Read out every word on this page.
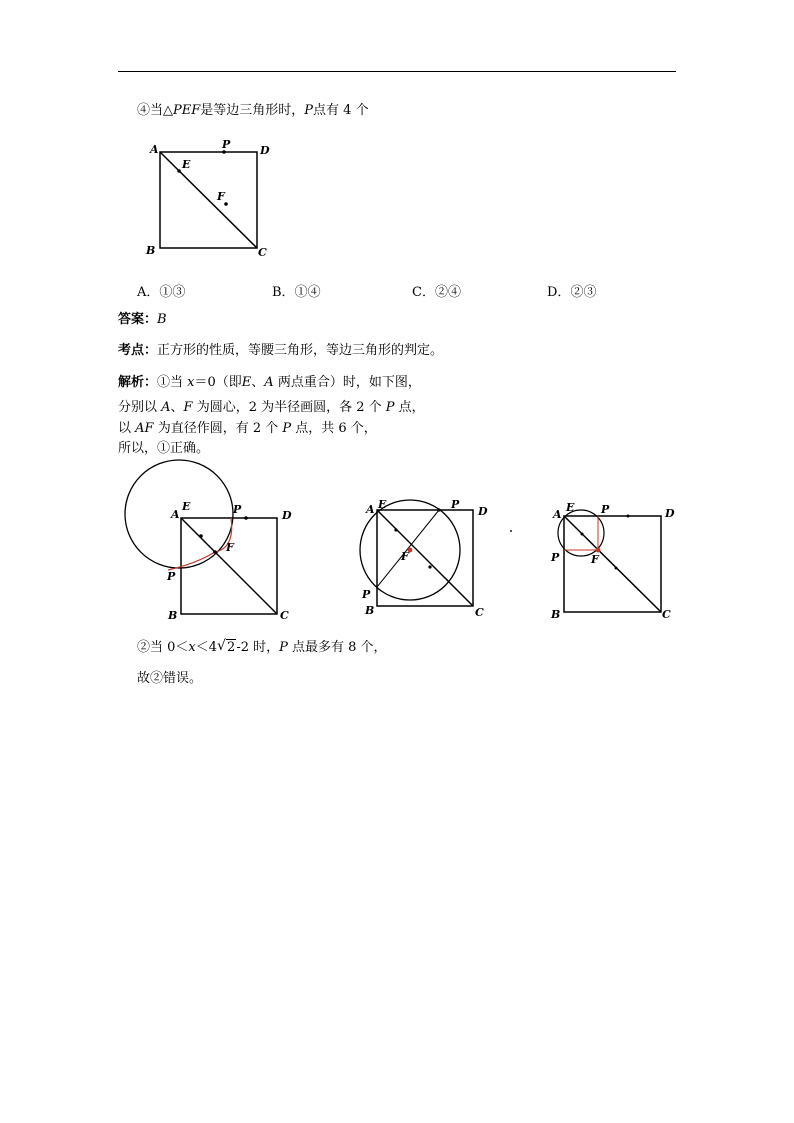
④当△PEF是等边三角形时，P点有 4 个
A	P	D
E
F
B	C
A．①③	B．①④	C．②④	D．②③
答案：B
考点：正方形的性质，等腰三角形，等边三角形的判定。
解析：①当 x＝0（即E、A 两点重合）时，如下图，
分别以 A、F 为圆心，2 为半径画圆，各 2 个 P 点，
以 AF 为直径作圆，有 2 个 P 点，共 6 个，
所以，①正确。
A
E	P	D
F
P
B	C
A E	P
D
F
P
B	C
A
E P	D
F
P
B	C
②当 0＜x＜4 √ 2-2 时，P 点最多有 8 个，
故②错误。
